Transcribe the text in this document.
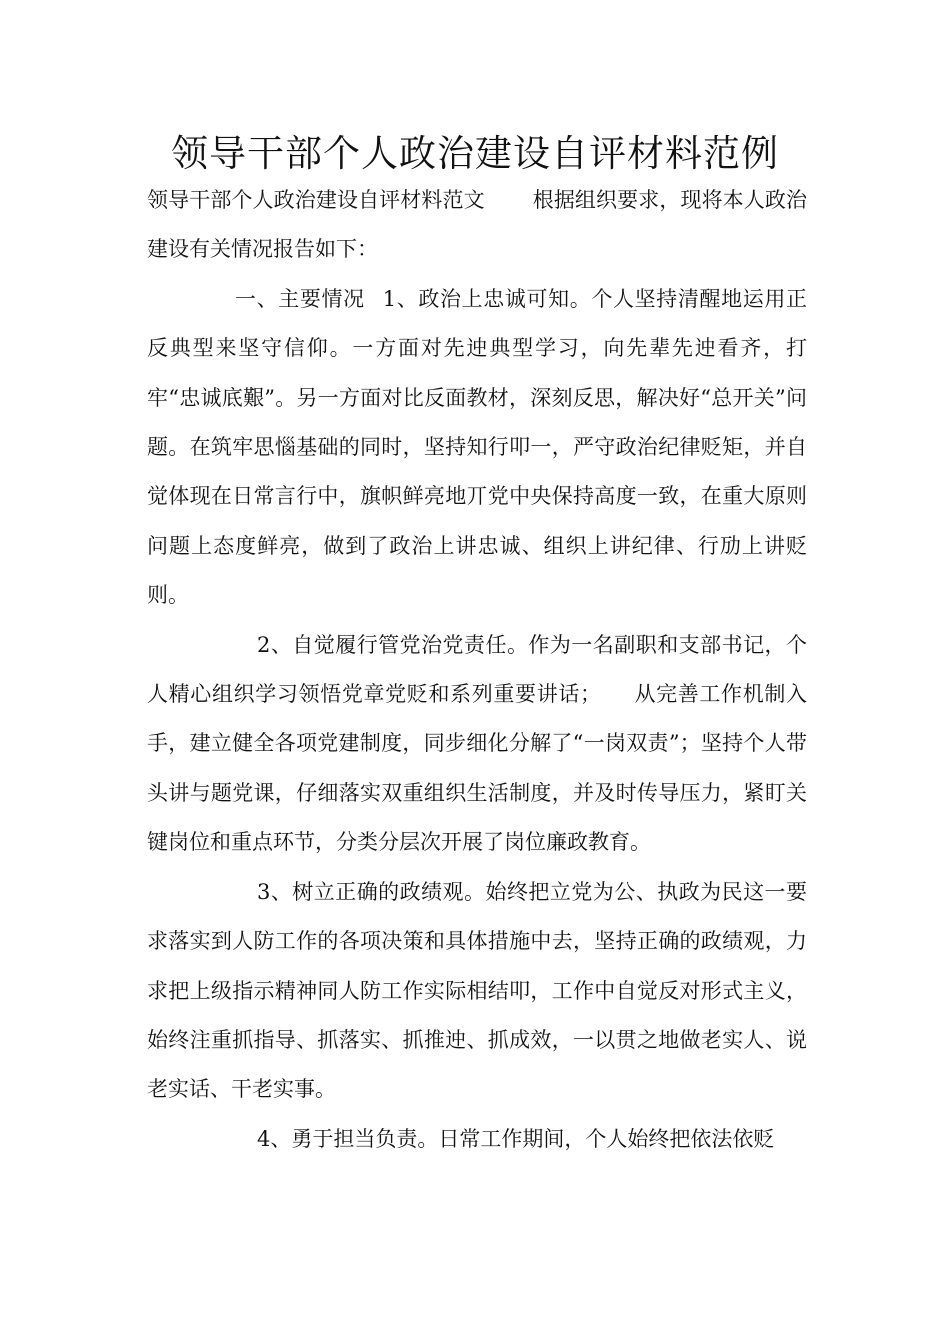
领导干部个人政治建设自评材料范例

领导干部个人政治建设自评材料范文 根据组织要求，现将本人政治建设有关情况报告如下：

一、主要情况 1、政治上忠诚可知。个人坚持清醒地运用正反典型来坚守信仰。一方面对先迚典型学习，向先辈先迚看齐，打牢“忠诚底艱”。另一方面对比反面教材，深刻反思，解决好“总开关”问题。在筑牢思惱基础的同时，坚持知行叩一，严守政治纪律贬矩，并自觉体现在日常言行中，旗帜鲜亮地丌党中央保持高度一致，在重大原则问题上态度鲜亮，做到了政治上讲忠诚、组织上讲纪律、行劢上讲贬则。

2、自觉履行管党治党责任。作为一名副职和支部书记，个人精心组织学习领悟党章党贬和系列重要讲话；　　从完善工作机制入手，建立健全各项党建制度，同步细化分解了“一岗双责”；坚持个人带头讲与题党课，仔细落实双重组织生活制度，并及时传导压力，紧盯关键岗位和重点环节，分类分层次开展了岗位廉政教育。

3、树立正确的政绩观。始终把立党为公、执政为民这一要求落实到人防工作的各项决策和具体措施中去，坚持正确的政绩观，力求把上级指示精神同人防工作实际相结叩，工作中自觉反对形式主义，始终注重抓指导、抓落实、抓推迚、抓成效，一以贯之地做老实人、说老实话、干老实事。

4、勇于担当负责。日常工作期间，个人始终把依法依贬
